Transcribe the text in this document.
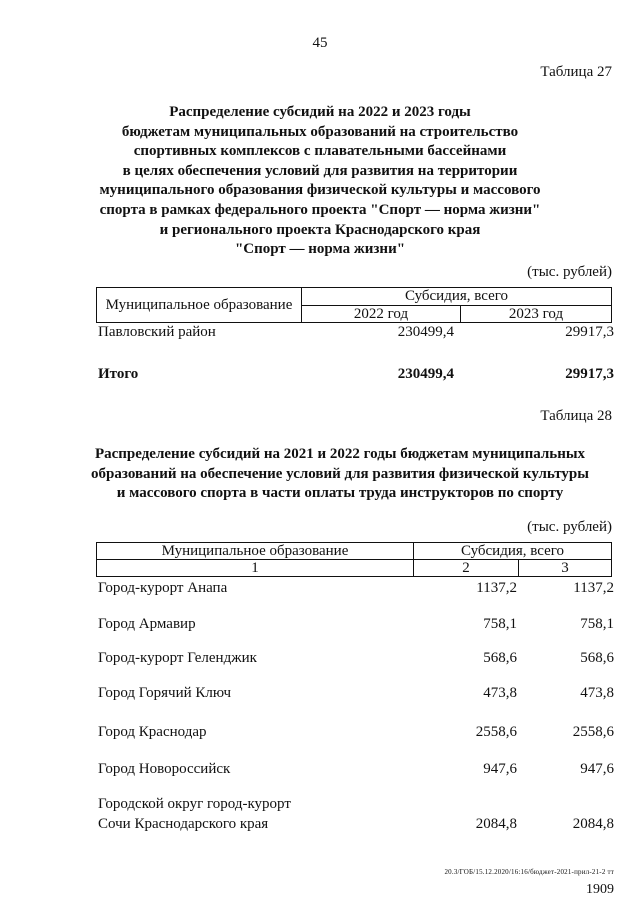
45
Таблица 27
Распределение субсидий на 2022 и 2023 годы
бюджетам муниципальных образований на строительство
спортивных комплексов с плавательными бассейнами
в целях обеспечения условий для развития на территории
муниципального образования физической культуры и массового
спорта в рамках федерального проекта "Спорт — норма жизни"
и регионального проекта Краснодарского края
"Спорт — норма жизни"
(тыс. рублей)
Муниципальное образование	Субсидия, всего	
	2022 год	2023 год
Павловский район	230499,4	29917,3
Итого	230499,4	29917,3
Таблица 28
Распределение субсидий на 2021 и 2022 годы бюджетам муниципальных
образований на обеспечение условий для развития физической культуры
и массового спорта в части оплаты труда инструкторов по спорту
(тыс. рублей)
Муниципальное образование	Субсидия, всего	
1	2	3
Город-курорт Анапа	1137,2	1137,2
Город Армавир	758,1	758,1
Город-курорт Геленджик	568,6	568,6
Город Горячий Ключ	473,8	473,8
Город Краснодар	2558,6	2558,6
Город Новороссийск	947,6	947,6
Городской округ город-курорт
Сочи Краснодарского края	2084,8	2084,8
20.3/ГОБ/15.12.2020/16:16/бюджет-2021-прил-21-2 тт
1909
